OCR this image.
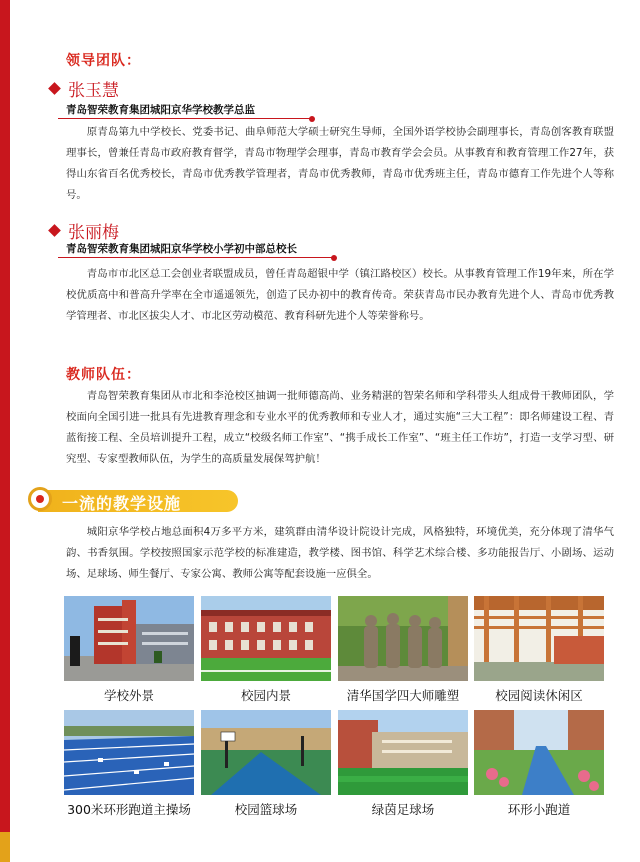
领导团队：
张玉慧
青岛智荣教育集团城阳京华学校教学总监
原青岛第九中学校长、党委书记、曲阜师范大学硕士研究生导师，全国外语学校协会副理事长，青岛创客教育联盟理事长，曾兼任青岛市政府教育督学，青岛市物理学会理事，青岛市教育学会会员。从事教育和教育管理工作27年，获得山东省百名优秀校长，青岛市优秀教学管理者，青岛市优秀教师，青岛市优秀班主任，青岛市德育工作先进个人等称号。
张丽梅
青岛智荣教育集团城阳京华学校小学初中部总校长
青岛市市北区总工会创业者联盟成员，曾任青岛超银中学（镇江路校区）校长。从事教育管理工作19年来，所在学校优质高中和普高升学率在全市遥遥领先，创造了民办初中的教育传奇。荣获青岛市民办教育先进个人、青岛市优秀教学管理者、市北区拔尖人才、市北区劳动模范、教育科研先进个人等荣誉称号。
教师队伍：
青岛智荣教育集团从市北和李沧校区抽调一批师德高尚、业务精湛的智荣名师和学科带头人组成骨干教师团队，学校面向全国引进一批具有先进教育理念和专业水平的优秀教师和专业人才，通过实施“三大工程”：即名师建设工程、青蓝衔接工程、全员培训提升工程，成立“校级名师工作室”、“携手成长工作室”、“班主任工作坊”，打造一支学习型、研究型、专家型教师队伍，为学生的高质量发展保驾护航！
一流的教学设施
城阳京华学校占地总面积4万多平方米，建筑群由清华设计院设计完成，风格独特，环境优美，充分体现了清华气韵、书香氛围。学校按照国家示范学校的标准建造，教学楼、图书馆、科学艺术综合楼、多功能报告厅、小剧场、运动场、足球场、师生餐厅、专家公寓、教师公寓等配套设施一应俱全。
学校外景	校园内景	清华国学四大师雕塑	校园阅读休闲区
300米环形跑道主操场	校园篮球场	绿茵足球场	环形小跑道
